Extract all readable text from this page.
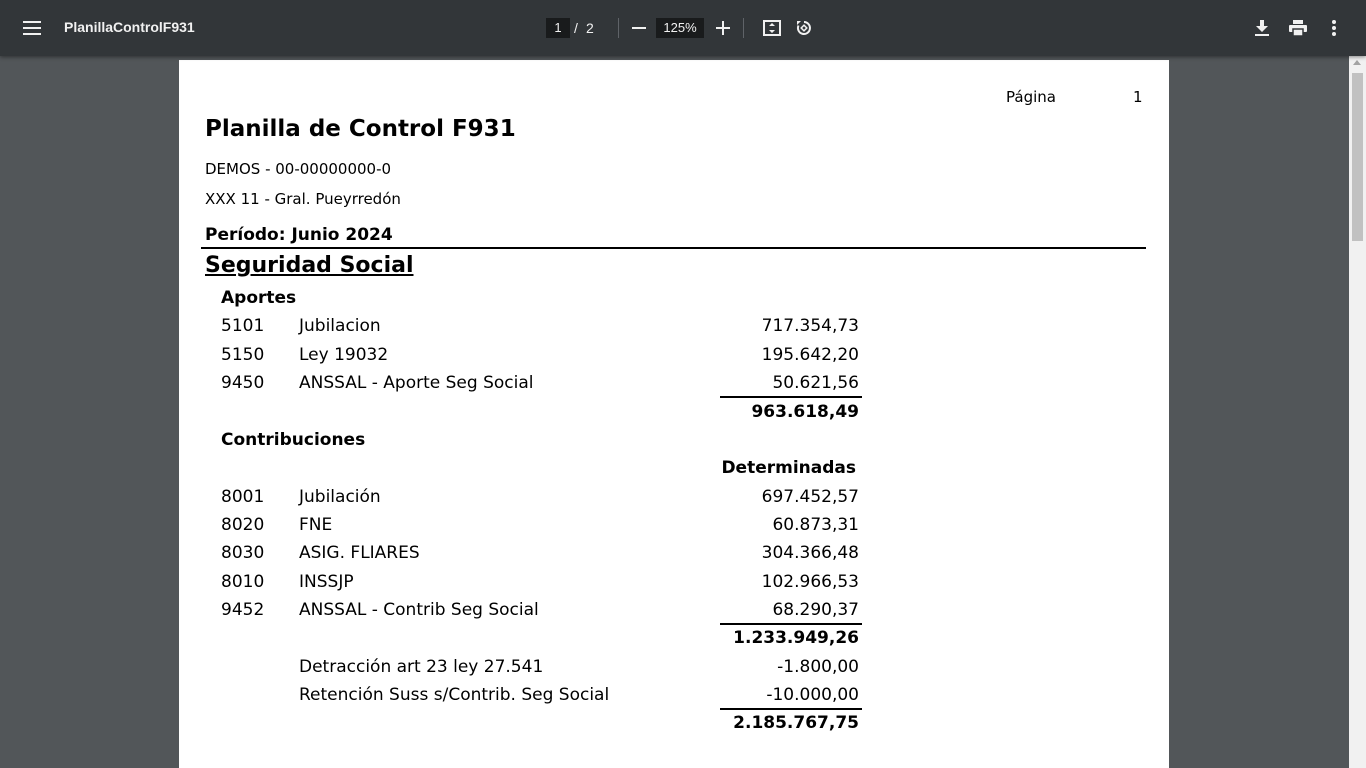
PlanillaControlF931	1 / 2	125%
Página	1
Planilla de Control F931
DEMOS - 00-00000000-0
XXX 11 - Gral. Pueyrredón
Período: Junio 2024
Seguridad Social
Aportes
5101 Jubilacion	717.354,73
5150 Ley 19032	195.642,20
9450 ANSSAL - Aporte Seg Social	50.621,56
963.618,49
Contribuciones
Determinadas
8001 Jubilación	697.452,57
8020 FNE	60.873,31
8030 ASIG. FLIARES	304.366,48
8010 INSSJP	102.966,53
9452 ANSSAL - Contrib Seg Social	68.290,37
1.233.949,26
Detracción art 23 ley 27.541	-1.800,00
Retención Suss s/Contrib. Seg Social	-10.000,00
2.185.767,75
